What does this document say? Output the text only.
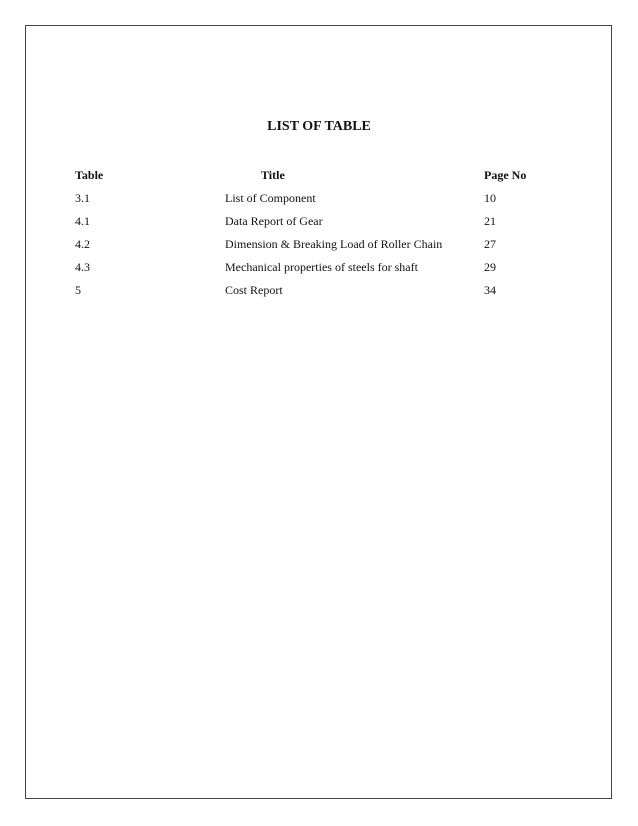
LIST OF TABLE
Table	Title	Page No
3.1	List of Component	10
4.1	Data Report of Gear	21
4.2	Dimension & Breaking Load of Roller Chain	27
4.3	Mechanical properties of steels for shaft	29
5	Cost Report	34
